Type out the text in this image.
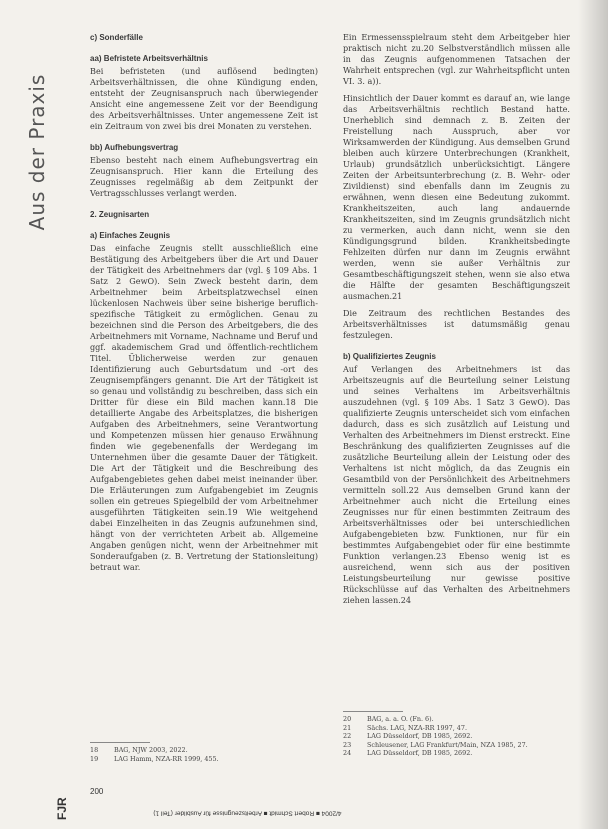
Aus der Praxis
FJR	4/2004 ■ Robert Schmidt ■ Arbeitszeugnisse für Ausbilder (Teil 1)
c) Sonderfälle
aa) Befristete Arbeitsverhältnis

Bei befristeten (und auflösend bedingten) Arbeitsverhältnissen, die ohne Kündigung enden, entsteht der Zeugnisanspruch nach überwiegender Ansicht eine angemessene Zeit vor der Beendigung des Arbeitsverhältnisses. Unter angemessene Zeit ist ein Zeitraum von zwei bis drei Monaten zu verstehen.

bb) Aufhebungsvertrag

Ebenso besteht nach einem Aufhebungsvertrag ein Zeugnisanspruch. Hier kann die Erteilung des Zeugnisses regelmäßig ab dem Zeitpunkt der Vertragsschlusses verlangt werden.

2. Zeugnisarten
a) Einfaches Zeugnis

Das einfache Zeugnis stellt ausschließlich eine Bestätigung des Arbeitgebers über die Art und Dauer der Tätigkeit des Arbeitnehmers dar (vgl. § 109 Abs. 1 Satz 2 GewO). Sein Zweck besteht darin, dem Arbeitnehmer beim Arbeitsplatzwechsel einen lückenlosen Nachweis über seine bisherige beruflich-spezifische Tätigkeit zu ermöglichen. Genau zu bezeichnen sind die Person des Arbeitgebers, die des Arbeitnehmers mit Vorname, Nachname und Beruf und ggf. akademischem Grad und öffentlich-rechtlichem Titel. Üblicherweise werden zur genauen Identifizierung auch Geburtsdatum und -ort des Zeugnisempfängers genannt. Die Art der Tätigkeit ist so genau und vollständig zu beschreiben, dass sich ein Dritter für diese ein Bild machen kann.18 Die detaillierte Angabe des Arbeitsplatzes, die bisherigen Aufgaben des Arbeitnehmers, seine Verantwortung und Kompetenzen müssen hier genauso Erwähnung finden wie gegebenenfalls der Werdegang im Unternehmen über die gesamte Dauer der Tätigkeit. Die Art der Tätigkeit und die Beschreibung des Aufgabengebietes gehen dabei meist ineinander über. Die Erläuterungen zum Aufgabengebiet im Zeugnis sollen ein getreues Spiegelbild der vom Arbeitnehmer ausgeführten Tätigkeiten sein.19 Wie weitgehend dabei Einzelheiten in das Zeugnis aufzunehmen sind, hängt von der verrichteten Arbeit ab. Allgemeine Angaben genügen nicht, wenn der Arbeitnehmer mit Sonderaufgaben (z. B. Vertretung der Stationsleitung) betraut war.

Ein Ermessensspielraum steht dem Arbeitgeber hier praktisch nicht zu.20 Selbstverständlich müssen alle in das Zeugnis aufgenommenen Tatsachen der Wahrheit entsprechen (vgl. zur Wahrheitspflicht unten VI. 3. a)).

Hinsichtlich der Dauer kommt es darauf an, wie lange das Arbeitsverhältnis rechtlich Bestand hatte. Unerheblich sind demnach z. B. Zeiten der Freistellung nach Ausspruch, aber vor Wirksamwerden der Kündigung. Aus demselben Grund bleiben auch kürzere Unterbrechungen (Krankheit, Urlaub) grundsätzlich unberücksichtigt. Längere Zeiten der Arbeitsunterbrechung (z. B. Wehr- oder Zivildienst) sind ebenfalls dann im Zeugnis zu erwähnen, wenn diesen eine Bedeutung zukommt. Krankheitszeiten, auch lang andauernde Krankheitszeiten, sind im Zeugnis grundsätzlich nicht zu vermerken, auch dann nicht, wenn sie den Kündigungsgrund bilden. Krankheitsbedingte Fehlzeiten dürfen nur dann im Zeugnis erwähnt werden, wenn sie außer Verhältnis zur Gesamtbeschäftigungszeit stehen, wenn sie also etwa die Hälfte der gesamten Beschäftigungszeit ausmachen.21

Die Zeitraum des rechtlichen Bestandes des Arbeitsverhältnisses ist datumsmäßig genau festzulegen.

b) Qualifiziertes Zeugnis

Auf Verlangen des Arbeitnehmers ist das Arbeitszeugnis auf die Beurteilung seiner Leistung und seines Verhaltens im Arbeitsverhältnis auszudehnen (vgl. § 109 Abs. 1 Satz 3 GewO). Das qualifizierte Zeugnis unterscheidet sich vom einfachen dadurch, dass es sich zusätzlich auf Leistung und Verhalten des Arbeitnehmers im Dienst erstreckt. Eine Beschränkung des qualifizierten Zeugnisses auf die zusätzliche Beurteilung allein der Leistung oder des Verhaltens ist nicht möglich, da das Zeugnis ein Gesamtbild von der Persönlichkeit des Arbeitnehmers vermitteln soll.22 Aus demselben Grund kann der Arbeitnehmer auch nicht die Erteilung eines Zeugnisses nur für einen bestimmten Zeitraum des Arbeitsverhältnisses oder bei unterschiedlichen Aufgabengebieten bzw. Funktionen, nur für ein bestimmtes Aufgabengebiet oder für eine bestimmte Funktion verlangen.23 Ebenso wenig ist es ausreichend, wenn sich aus der positiven Leistungsbeurteilung nur gewisse positive Rückschlüsse auf das Verhalten des Arbeitnehmers ziehen lassen.24

18	BAG, NJW 2003, 2022.
19	LAG Hamm, NZA-RR 1999, 455.
20	BAG, a. a. O. (Fn. 6).
21	Sächs. LAG, NZA-RR 1997, 47.
22	LAG Düsseldorf, DB 1985, 2692.
23	Schleusener, LAG Frankfurt/Main, NZA 1985, 27.
24	LAG Düsseldorf, DB 1985, 2692.
200
